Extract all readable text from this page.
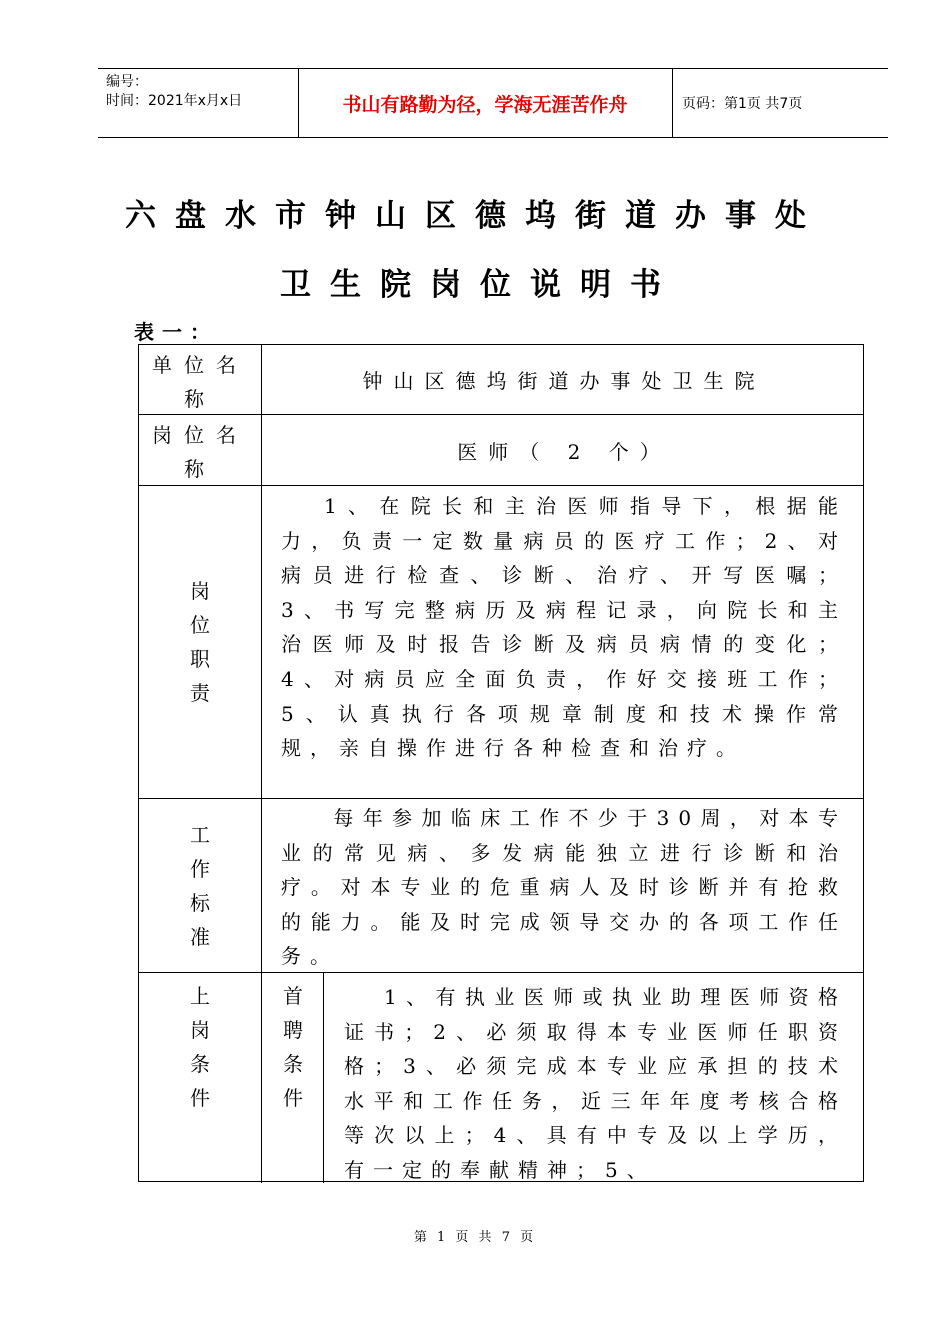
编号：
时间：2021年x月x日	书山有路勤为径，学海无涯苦作舟	页码：第1页 共7页
六盘水市钟山区德坞街道办事处
卫生院岗位说明书
表一：
单位名
称
钟山区德坞街道办事处卫生院
岗位名
称
医师（ 2 个）
岗
位
职
责
1、在院长和主治医师指导下，根据能力，负责一定数量病员的医疗工作；2、对病员进行检查、诊断、治疗、开写医嘱；3、书写完整病历及病程记录，向院长和主治医师及时报告诊断及病员病情的变化；4、对病员应全面负责，作好交接班工作；5、认真执行各项规章制度和技术操作常规，亲自操作进行各种检查和治疗。
工
作
标
准
每年参加临床工作不少于30周，对本专业的常见病、多发病能独立进行诊断和治疗。对本专业的危重病人及时诊断并有抢救的能力。能及时完成领导交办的各项工作任务。
上
岗
条
件
首
聘
条
件
1、有执业医师或执业助理医师资格证书；2、必须取得本专业医师任职资格；3、必须完成本专业应承担的技术水平和工作任务，近三年年度考核合格等次以上；4、具有中专及以上学历，有一定的奉献精神；5、
第 1 页 共 7 页
